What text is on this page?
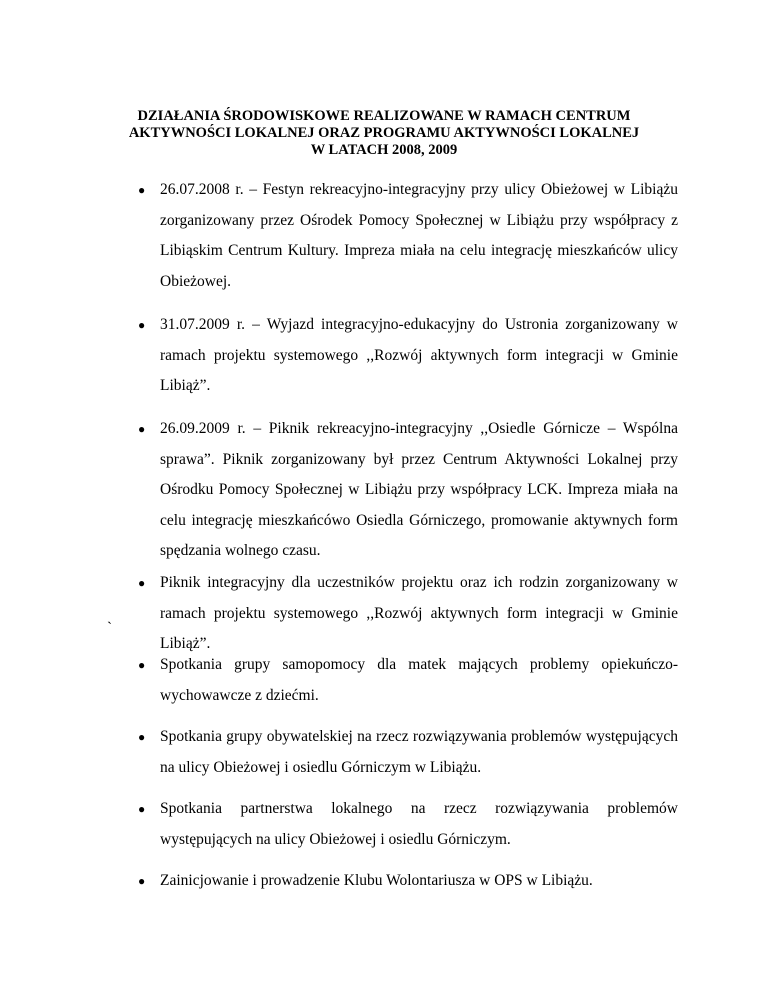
DZIAŁANIA ŚRODOWISKOWE REALIZOWANE W RAMACH CENTRUM
AKTYWNOŚCI LOKALNEJ ORAZ PROGRAMU AKTYWNOŚCI LOKALNEJ
W LATACH 2008, 2009
● 26.07.2008 r. – Festyn rekreacyjno-integracyjny przy ulicy Obieżowej w Libiążu zorganizowany przez Ośrodek Pomocy Społecznej w Libiążu przy współpracy z Libiąskim Centrum Kultury. Impreza miała na celu integrację mieszkańców ulicy Obieżowej.
● 31.07.2009 r. – Wyjazd integracyjno-edukacyjny do Ustronia zorganizowany w ramach projektu systemowego ,,Rozwój aktywnych form integracji w Gminie Libiąż”.
● 26.09.2009 r. – Piknik rekreacyjno-integracyjny ,,Osiedle Górnicze – Wspólna sprawa”. Piknik zorganizowany był przez Centrum Aktywności Lokalnej przy Ośrodku Pomocy Społecznej w Libiążu przy współpracy LCK. Impreza miała na celu integrację mieszkańcówo Osiedla Górniczego, promowanie aktywnych form spędzania wolnego czasu.
● Piknik integracyjny dla uczestników projektu oraz ich rodzin zorganizowany w ramach projektu systemowego ,,Rozwój aktywnych form integracji w Gminie Libiąż”.
`
● Spotkania grupy samopomocy dla matek mających problemy opiekuńczo-wychowawcze z dziećmi.
● Spotkania grupy obywatelskiej na rzecz rozwiązywania problemów występujących na ulicy Obieżowej i osiedlu Górniczym w Libiążu.
● Spotkania partnerstwa lokalnego na rzecz rozwiązywania problemów występujących na ulicy Obieżowej i osiedlu Górniczym.
● Zainicjowanie i prowadzenie Klubu Wolontariusza w OPS w Libiążu.
